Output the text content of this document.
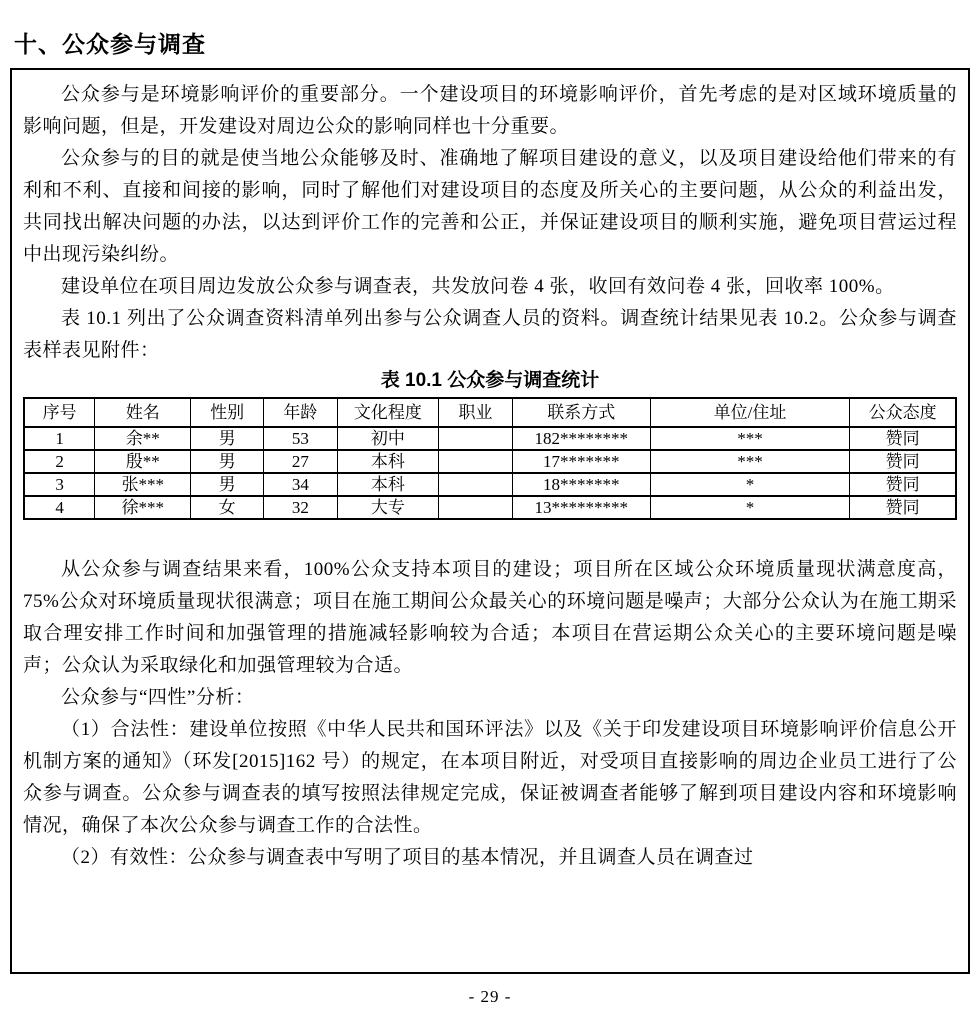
十、公众参与调查

公众参与是环境影响评价的重要部分。一个建设项目的环境影响评价，首先考虑的是对区域环境质量的影响问题，但是，开发建设对周边公众的影响同样也十分重要。

公众参与的目的就是使当地公众能够及时、准确地了解项目建设的意义，以及项目建设给他们带来的有利和不利、直接和间接的影响，同时了解他们对建设项目的态度及所关心的主要问题，从公众的利益出发，共同找出解决问题的办法，以达到评价工作的完善和公正，并保证建设项目的顺利实施，避免项目营运过程中出现污染纠纷。

建设单位在项目周边发放公众参与调查表，共发放问卷 4 张，收回有效问卷 4 张，回收率 100%。

表 10.1 列出了公众调查资料清单列出参与公众调查人员的资料。调查统计结果见表 10.2。公众参与调查表样表见附件：

表 10.1 公众参与调查统计
序号	姓名	性别	年龄	文化程度	职业	联系方式	单位/住址	公众态度
1	余**	男	53	初中		182********	***	赞同
2	殷**	男	27	本科		17*******	***	赞同
3	张***	男	34	本科		18*******	*	赞同
4	徐***	女	32	大专		13*********	*	赞同

从公众参与调查结果来看，100%公众支持本项目的建设；项目所在区域公众环境质量现状满意度高，75%公众对环境质量现状很满意；项目在施工期间公众最关心的环境问题是噪声；大部分公众认为在施工期采取合理安排工作时间和加强管理的措施减轻影响较为合适；本项目在营运期公众关心的主要环境问题是噪声；公众认为采取绿化和加强管理较为合适。

公众参与“四性”分析：

（1）合法性：建设单位按照《中华人民共和国环评法》以及《关于印发建设项目环境影响评价信息公开机制方案的通知》（环发[2015]162 号）的规定，在本项目附近，对受项目直接影响的周边企业员工进行了公众参与调查。公众参与调查表的填写按照法律规定完成，保证被调查者能够了解到项目建设内容和环境影响情况，确保了本次公众参与调查工作的合法性。

（2）有效性：公众参与调查表中写明了项目的基本情况，并且调查人员在调查过

- 29 -
